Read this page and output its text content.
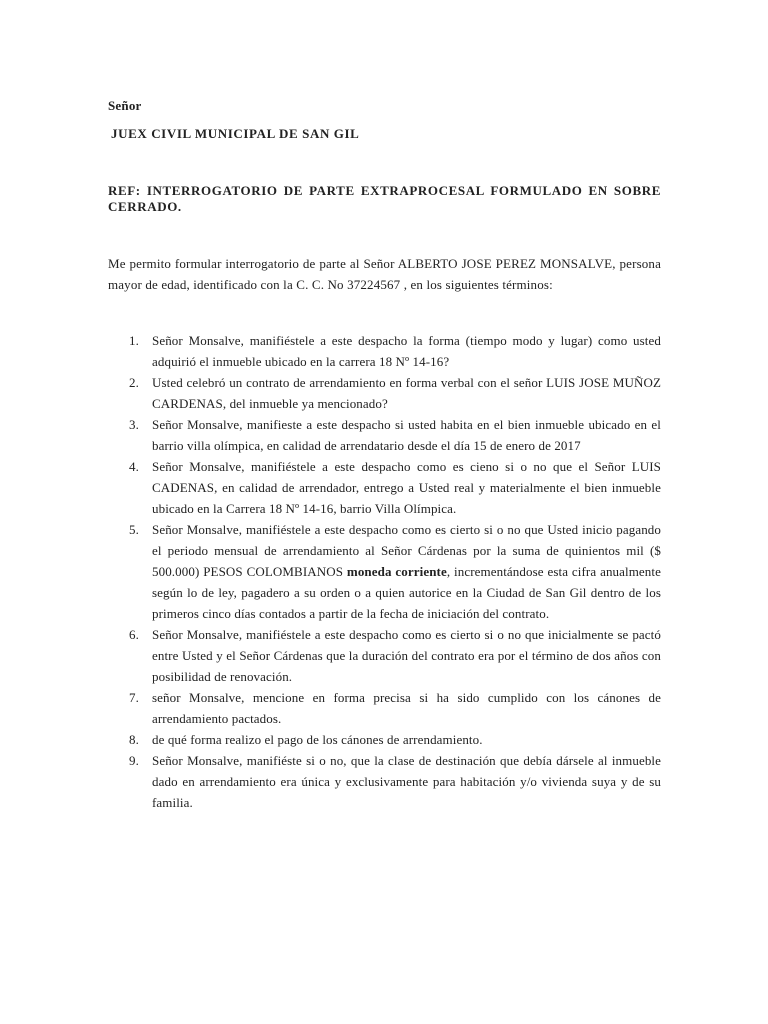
Señor
JUEX CIVIL MUNICIPAL DE SAN GIL
REF: INTERROGATORIO DE PARTE EXTRAPROCESAL FORMULADO EN SOBRE CERRADO.
Me permito formular interrogatorio de parte al Señor ALBERTO JOSE PEREZ MONSALVE, persona mayor de edad, identificado con la C. C. No 37224567 , en los siguientes términos:
1. Señor Monsalve, manifiéstele a este despacho la forma (tiempo modo y lugar) como usted adquirió el inmueble ubicado en la carrera 18 Nº 14-16?
2. Usted celebró un contrato de arrendamiento en forma verbal con el señor LUIS JOSE MUÑOZ CARDENAS, del inmueble ya mencionado?
3. Señor Monsalve, manifieste a este despacho si usted habita en el bien inmueble ubicado en el barrio villa olímpica, en calidad de arrendatario desde el día 15 de enero de 2017
4. Señor Monsalve, manifiéstele a este despacho como es cieno si o no que el Señor LUIS CADENAS, en calidad de arrendador, entrego a Usted real y materialmente el bien inmueble ubicado en la Carrera 18 Nº 14-16, barrio Villa Olímpica.
5. Señor Monsalve, manifiéstele a este despacho como es cierto si o no que Usted inicio pagando el periodo mensual de arrendamiento al Señor Cárdenas por la suma de quinientos mil ($ 500.000) PESOS COLOMBIANOS moneda corriente, incrementándose esta cifra anualmente según lo de ley, pagadero a su orden o a quien autorice en la Ciudad de San Gil dentro de los primeros cinco días contados a partir de la fecha de iniciación del contrato.
6. Señor Monsalve, manifiéstele a este despacho como es cierto si o no que inicialmente se pactó entre Usted y el Señor Cárdenas que la duración del contrato era por el término de dos años con posibilidad de renovación.
7. señor Monsalve, mencione en forma precisa si ha sido cumplido con los cánones de arrendamiento pactados.
8. de qué forma realizo el pago de los cánones de arrendamiento.
9. Señor Monsalve, manifiéste si o no, que la clase de destinación que debía dársele al inmueble dado en arrendamiento era única y exclusivamente para habitación y/o vivienda suya y de su familia.
